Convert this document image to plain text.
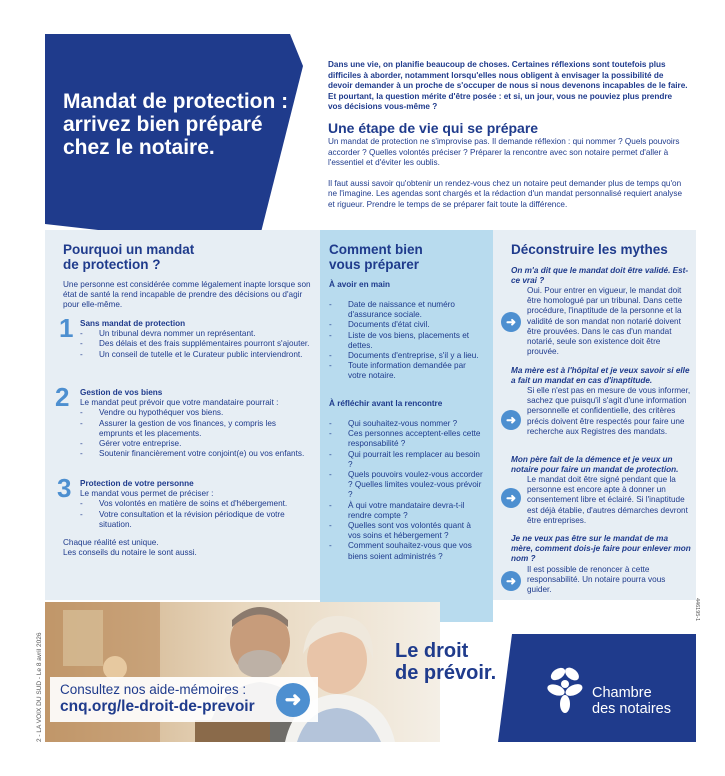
Mandat de protection :
arrivez bien préparé
chez le notaire.
Dans une vie, on planifie beaucoup de choses. Certaines réflexions sont toutefois plus difficiles à aborder, notamment lorsqu'elles nous obligent à envisager la possibilité de devoir demander à un proche de s'occuper de nous si nous devenons incapables de le faire. Et pourtant, la question mérite d'être posée : et si, un jour, vous ne pouviez plus prendre vos décisions vous-même ?
Une étape de vie qui se prépare

Un mandat de protection ne s'improvise pas. Il demande réflexion : qui nommer ? Quels pouvoirs accorder ? Quelles volontés préciser ? Préparer la rencontre avec son notaire permet d'aller à l'essentiel et d'éviter les oublis.

Il faut aussi savoir qu'obtenir un rendez-vous chez un notaire peut demander plus de temps qu'on ne l'imagine. Les agendas sont chargés et la rédaction d'un mandat personnalisé requiert analyse et rigueur. Prendre le temps de se préparer fait toute la différence.

Pourquoi un mandat
de protection ?
Une personne est considérée comme légalement inapte lorsque son état de santé la rend incapable de prendre des décisions ou d'agir pour elle-même.
1 Sans mandat de protection
- Un tribunal devra nommer un représentant.
- Des délais et des frais supplémentaires pourront s'ajouter.
- Un conseil de tutelle et le Curateur public interviendront.
2 Gestion de vos biens
Le mandat peut prévoir que votre mandataire pourrait :
- Vendre ou hypothéquer vos biens.
- Assurer la gestion de vos finances, y compris les emprunts et les placements.
- Gérer votre entreprise.
- Soutenir financièrement votre conjoint(e) ou vos enfants.
3 Protection de votre personne
Le mandat vous permet de préciser :
- Vos volontés en matière de soins et d'hébergement.
- Votre consultation et la révision périodique de votre situation.
Chaque réalité est unique.
Les conseils du notaire le sont aussi.
Comment bien
vous préparer
À avoir en main
- Date de naissance et numéro d'assurance sociale.
- Documents d'état civil.
- Liste de vos biens, placements et dettes.
- Documents d'entreprise, s'il y a lieu.
- Toute information demandée par votre notaire.
À réfléchir avant la rencontre
- Qui souhaitez-vous nommer ?
- Ces personnes acceptent-elles cette responsabilité ?
- Qui pourrait les remplacer au besoin ?
- Quels pouvoirs voulez-vous accorder ? Quelles limites voulez-vous prévoir ?
- À qui votre mandataire devra-t-il rendre compte ?
- Quelles sont vos volontés quant à vos soins et hébergement ?
- Comment souhaitez-vous que vos biens soient administrés ?
Déconstruire les mythes
On m'a dit que le mandat doit être validé. Est-ce vrai ?
➜
Oui. Pour entrer en vigueur, le mandat doit être homologué par un tribunal. Dans cette procédure, l'inaptitude de la personne et la validité de son mandat non notarié doivent être prouvées. Dans le cas d'un mandat notarié, seule son existence doit être prouvée.
Ma mère est à l'hôpital et je veux savoir si elle a fait un mandat en cas d'inaptitude.
➜
Si elle n'est pas en mesure de vous informer, sachez que puisqu'il s'agit d'une information personnelle et confidentielle, des critères précis doivent être respectés pour faire une recherche aux Registres des mandats.
Mon père fait de la démence et je veux un notaire pour faire un mandat de protection.
➜
Le mandat doit être signé pendant que la personne est encore apte à donner un consentement libre et éclairé. Si l'inaptitude est déjà établie, d'autres démarches devront être entreprises.
Je ne veux pas être sur le mandat de ma mère, comment dois-je faire pour enlever mon nom ?
➜
Il est possible de renoncer à cette responsabilité. Un notaire pourra vous guider.
Consultez nos aide-mémoires :
cnq.org/le-droit-de-prevoir	➜
Le droit
de prévoir.
Chambre
des notaires
2 - LA VOIX DU SUD - Le 8 avril 2026
446195-1
